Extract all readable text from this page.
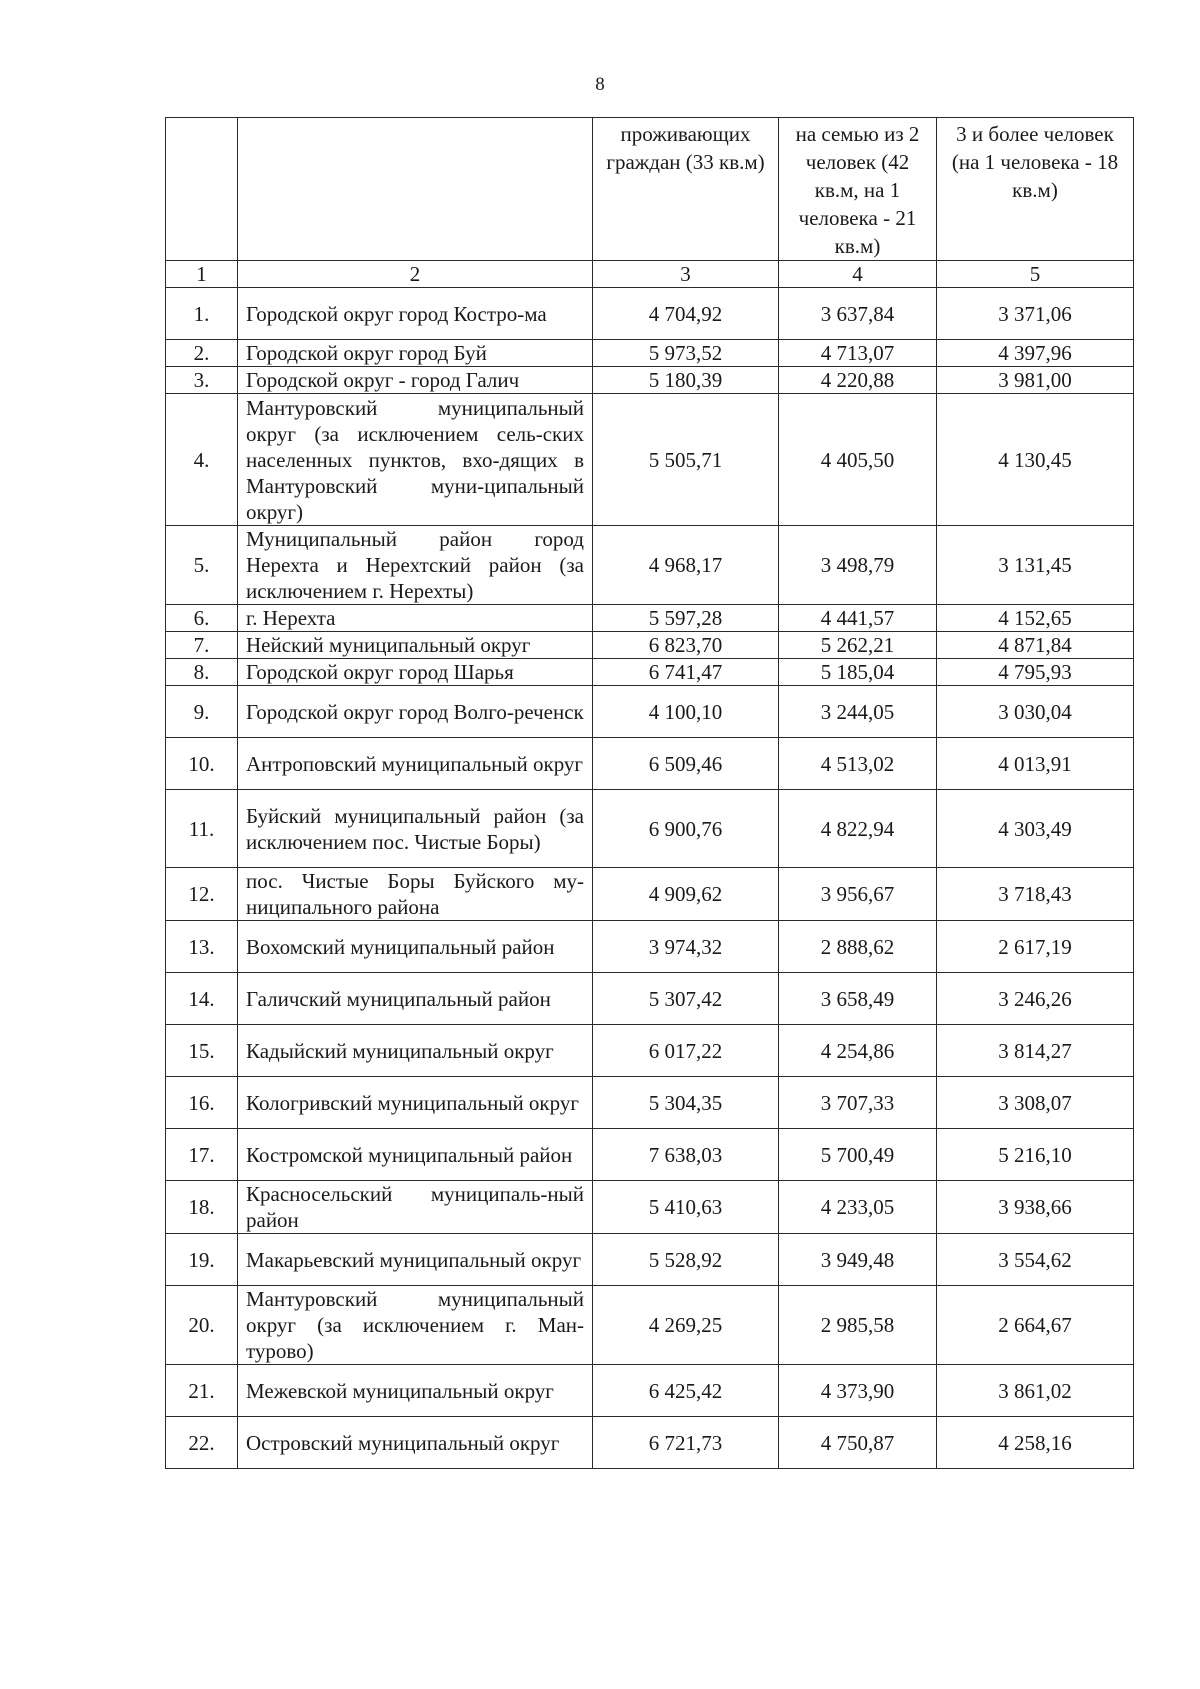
8
		проживающих граждан (33 кв.м)	на семью из 2 человек (42 кв.м, на 1 человека - 21 кв.м)	3 и более человек (на 1 человека - 18 кв.м)
1	2	3	4	5
1.	Городской округ город Костро-ма	4 704,92	3 637,84	3 371,06
2.	Городской округ город Буй	5 973,52	4 713,07	4 397,96
3.	Городской округ - город Галич	5 180,39	4 220,88	3 981,00
4.	Мантуровский муниципальный округ (за исключением сель-ских населенных пунктов, вхо-дящих в Мантуровский муни-ципальный округ)	5 505,71	4 405,50	4 130,45
5.	Муниципальный район город Нерехта и Нерехтский район (за исключением г. Нерехты)	4 968,17	3 498,79	3 131,45
6.	г. Нерехта	5 597,28	4 441,57	4 152,65
7.	Нейский муниципальный округ	6 823,70	5 262,21	4 871,84
8.	Городской округ город Шарья	6 741,47	5 185,04	4 795,93
9.	Городской округ город Волго-реченск	4 100,10	3 244,05	3 030,04
10.	Антроповский муниципальный округ	6 509,46	4 513,02	4 013,91
11.	Буйский муниципальный район (за исключением пос. Чистые Боры)	6 900,76	4 822,94	4 303,49
12.	пос. Чистые Боры Буйского му-ниципального района	4 909,62	3 956,67	3 718,43
13.	Вохомский муниципальный район	3 974,32	2 888,62	2 617,19
14.	Галичский муниципальный район	5 307,42	3 658,49	3 246,26
15.	Кадыйский муниципальный округ	6 017,22	4 254,86	3 814,27
16.	Кологривский муниципальный округ	5 304,35	3 707,33	3 308,07
17.	Костромской муниципальный район	7 638,03	5 700,49	5 216,10
18.	Красносельский муниципаль-ный район	5 410,63	4 233,05	3 938,66
19.	Макарьевский муниципальный округ	5 528,92	3 949,48	3 554,62
20.	Мантуровский муниципальный округ (за исключением г. Ман-турово)	4 269,25	2 985,58	2 664,67
21.	Межевской муниципальный округ	6 425,42	4 373,90	3 861,02
22.	Островский муниципальный округ	6 721,73	4 750,87	4 258,16
